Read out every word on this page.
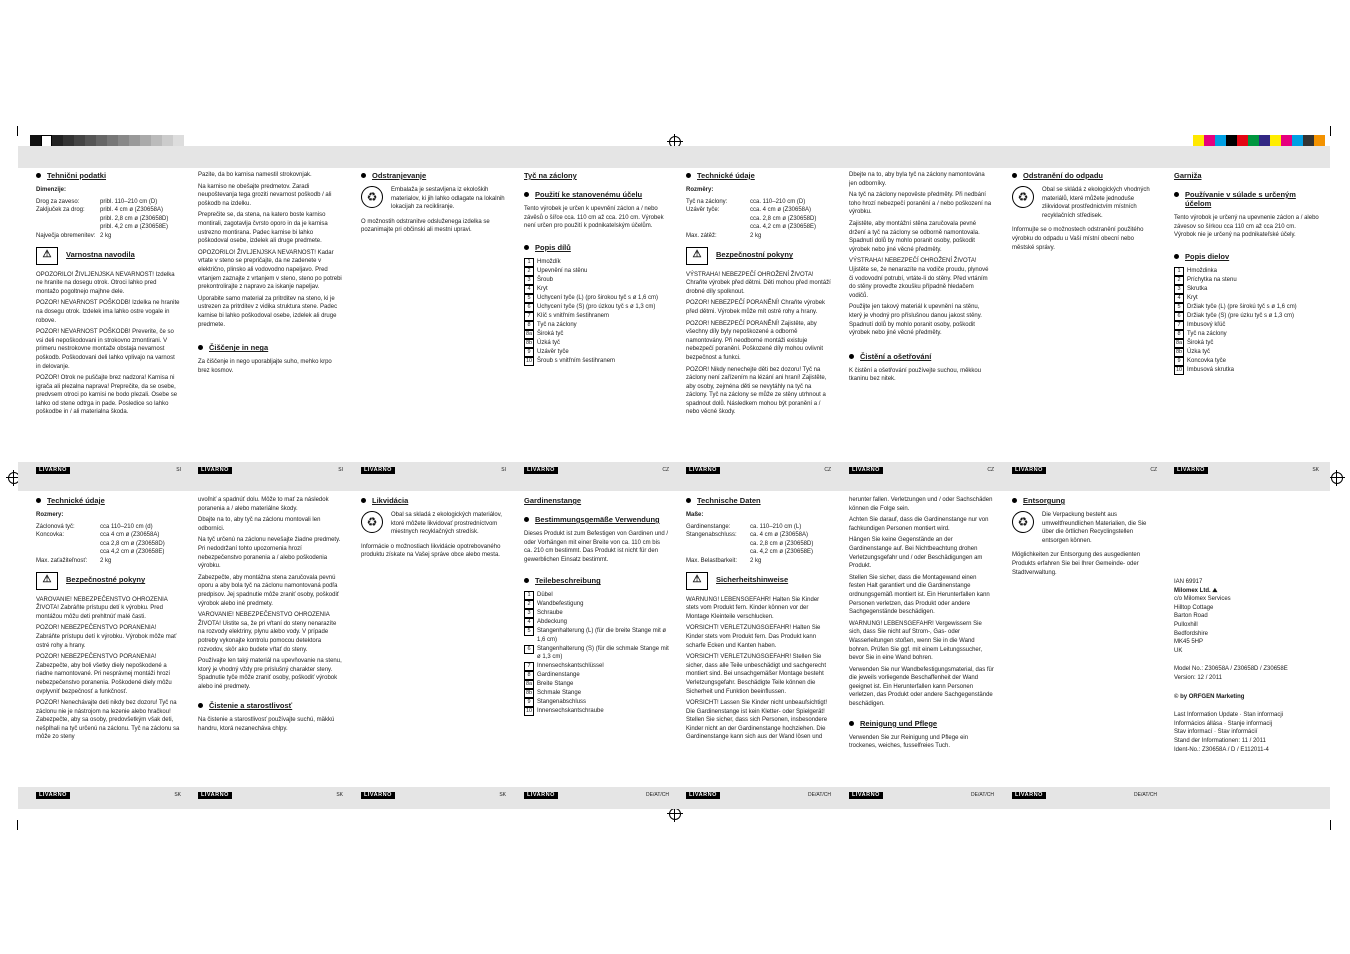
Tehnični podatki

Dimenzije:

Drog za zaveso:	pribl. 110–210 cm (D)
Zaključek za drog:	pribl. 4 cm ø (Z30658A)
pribl. 2,8 cm ø (Z30658D)
pribl. 4,2 cm ø (Z30658E)
Največja obremenitev: 2 kg
⚠	Varnostna navodila

OPOZORILO! ŽIVLJENJSKA NEVARNOST! Izdelka ne hranite na dosegu otrok. Otroci lahko pred montažo pogoltnejo majhne dele.

POZOR! NEVARNOST POŠKODB! Izdelka ne hranite na dosegu otrok. Izdelek ima lahko ostre vogale in robove.

POZOR! NEVARNOST POŠKODB! Preverite, če so vsi deli nepoškodovani in strokovno zmontirani. V primeru nestrokovne montaže obstaja nevarnost poškodb. Poškodovani deli lahko vplivajo na varnost in delovanje.

POZOR! Otrok ne puščajte brez nadzora! Karnisa ni igrača ali plezalna naprava! Preprečite, da se osebe, predvsem otroci po karnisi ne bodo plezali. Osebe se lahko od stene odtrga in pade. Posledice so lahko poškodbe in / ali materialna škoda.

Pazite, da bo karnisa namestil strokovnjak.

Na karniso ne obešajte predmetov. Zaradi neupoštevanja tega groziti nevarnost poškodb / ali poškodb na izdelku.

Preprečite se, da stena, na katero boste karniso montirali, zagotavlja čvrsto oporo in da je karnisa ustrezno montirana. Padec karnise bi lahko poškodoval osebe, izdelek ali druge predmete.

OPOZORILO! ŽIVLJENJSKA NEVARNOST! Kadar vrtate v steno se prepričajte, da ne zadenete v električno, plinsko ali vodovodno napeljavo. Pred vrtanjem zaznajte z vrtanjem v steno, steno po potrebi prekontrolirajte z napravo za iskanje napeljav.

Uporabite samo material za pritrditev na steno, ki je ustrezen za pritrditev z vidika struktura stene. Padec karnise bi lahko poškodoval osebe, izdelek ali druge predmete.

Čiščenje in nega

Za čiščenje in nego uporabljajte suho, mehko krpo brez kosmov.

Odstranjevanje
♻	Embalaža je sestavljena iz ekoloških materialov, ki jih lahko odlagate na lokalnih lokacijah za recikliranje.

O možnostih odstranitve odsluženega izdelka se pozanimajte pri občinski ali mestni upravi.

Tyč na záclony
Použití ke stanovenému účelu

Tento výrobek je určen k upevnění záclon a / nebo závěsů o šířce cca. 110 cm až cca. 210 cm. Výrobek není určen pro použití k podnikatelským účelům.

Popis dílů
1	Hmoždík
2	Upevnění na stěnu
3	Šroub
4	Kryt
5	Uchycení tyče (L) (pro širokou tyč s ø 1,6 cm)
6	Uchycení tyče (S) (pro úzkou tyč s ø 1,3 cm)
7	Klíč s vnitřním šestihranem
8	Tyč na záclony
8a Široká tyč
8b Úzká tyč
9	Uzávěr tyče
10 Šroub s vnitřním šestihranem
Technické údaje

Rozměry:

Tyč na záclony:	cca. 110–210 cm (D)
Uzávěr tyče:	cca. 4 cm ø (Z30658A)
cca. 2,8 cm ø (Z30658D)
cca. 4,2 cm ø (Z30658E)
Max. zátěž:	2 kg
⚠	Bezpečnostní pokyny

VÝSTRAHA! NEBEZPEČÍ OHROŽENÍ ŽIVOTA! Chraňte výrobek před dětmi. Děti mohou před montáží drobné díly spolknout.

POZOR! NEBEZPEČÍ PORANĚNÍ! Chraňte výrobek před dětmi. Výrobek může mít ostré rohy a hrany.

POZOR! NEBEZPEČÍ PORANĚNÍ! Zajistěte, aby všechny díly byly nepoškozené a odborně namontovány. Při neodborné montáži existuje nebezpečí poranění. Poškozené díly mohou ovlivnit bezpečnost a funkci.

POZOR! Nikdy nenechejte děti bez dozoru! Tyč na záclony není zařízením na lézání ani hraní! Zajistěte, aby osoby, zejména děti se nevytáhly na tyč na záclony. Tyč na záclony se může ze stěny utrhnout a spadnout dolů. Následkem mohou být poranění a / nebo věcné škody.

Dbejte na to, aby byla tyč na záclony namontována jen odborníky.

Na tyč na záclony nepověste předměty. Při nedbání toho hrozí nebezpečí poranění a / nebo poškození na výrobku.

Zajistěte, aby montážní stěna zaručovala pevné držení a tyč na záclony se odborně namontovala. Spadnutí dolů by mohlo poranit osoby, poškodit výrobek nebo jiné věcné předměty.

VÝSTRAHA! NEBEZPEČÍ OHROŽENÍ ŽIVOTA! Ujistěte se, že nenarazíte na vodiče proudu, plynové či vodovodní potrubí, vrtáte-li do stěny. Před vrtáním do stěny proveďte zkoušku případně hledačem vodičů.

Použijte jen takový materiál k upevnění na stěnu, který je vhodný pro příslušnou danou jakost stěny. Spadnutí dolů by mohlo poranit osoby, poškodit výrobek nebo jiné věcné předměty.

Čistění a ošetřování

K čistění a ošetřování používejte suchou, měkkou tkaninu bez nitek.

Odstranění do odpadu
♻	Obal se skládá z ekologických vhodných materiálů, které můžete jednoduše zlikvidovat prostřednictvím místních recyklačních středisek.

Informujte se o možnostech odstranění použitého výrobku do odpadu u Vaší místní obecní nebo městské správy.

Garniža
Používanie v súlade s určeným účelom

Tento výrobok je určený na upevnenie záclon a / alebo závesov so šírkou cca 110 cm až cca 210 cm. Výrobok nie je určený na podnikateľské účely.

Popis dielov
1	Hmoždinka
2	Príchytka na stenu
3	Skrutka
4	Kryt
5	Držiak tyče (L) (pre širokú tyč s ø 1,6 cm)
6	Držiak tyče (S) (pre úzku tyč s ø 1,3 cm)
7	Imbusový kľúč
8	Tyč na záclony
8a Široká tyč
8b Úzka tyč
9	Koncovka tyče
10 Imbusová skrutka
LIVARNO	SI	LIVARNO	SI	LIVARNO	SI	LIVARNO	CZ	LIVARNO	CZ	LIVARNO	CZ	LIVARNO	CZ	LIVARNO	SK
Technické údaje

Rozmery:

Záclonová tyč:	cca 110–210 cm (d)
Koncovka:	cca 4 cm ø (Z30658A)
cca 2,8 cm ø (Z30658D)
cca 4,2 cm ø (Z30658E)
Max. zaťažiteľnosť:	2 kg
⚠	Bezpečnostné pokyny

VAROVANIE! NEBEZPEČENSTVO OHROZENIA ŽIVOTA! Zabráňte prístupu detí k výrobku. Pred montážou môžu deti prehltnúť malé časti.

POZOR! NEBEZPEČENSTVO PORANENIA! Zabráňte prístupu detí k výrobku. Výrobok môže mať ostré rohy a hrany.

POZOR! NEBEZPEČENSTVO PORANENIA! Zabezpečte, aby boli všetky diely nepoškodené a riadne namontované. Pri nesprávnej montáži hrozí nebezpečenstvo poranenia. Poškodené diely môžu ovplyvniť bezpečnosť a funkčnosť.

POZOR! Nenechávajte deti nikdy bez dozoru! Tyč na záclonu nie je nástrojom na lezenie alebo hračkou! Zabezpečte, aby sa osoby, predovšetkým však deti, nešplhali na tyč určenú na záclonu. Tyč na záclonu sa môže zo steny

uvoľniť a spadnúť dolu. Môže to mať za následok poranenia a / alebo materiálne škody.

Dbajte na to, aby tyč na záclonu montovali len odborníci.

Na tyč určenú na záclonu nevešajte žiadne predmety. Pri nedodržaní tohto upozornenia hrozí nebezpečenstvo poranenia a / alebo poškodenia výrobku.

Zabezpečte, aby montážna stena zaručovala pevnú oporu a aby bola tyč na záclonu namontovaná podľa predpisov. Jej spadnutie môže zraniť osoby, poškodiť výrobok alebo iné predmety.

VAROVANIE! NEBEZPEČENSTVO OHROZENIA ŽIVOTA! Uistite sa, že pri vŕtaní do steny nenarazíte na rozvody elektriny, plynu alebo vody. V prípade potreby vykonajte kontrolu pomocou detektora rozvodov, skôr ako budete vŕtať do steny.

Používajte len taký materiál na upevňovanie na stenu, ktorý je vhodný vždy pre príslušný charakter steny. Spadnutie tyče môže zraniť osoby, poškodiť výrobok alebo iné predmety.

Čistenie a starostlivosť

Na čistenie a starostlivosť používajte suchú, mäkkú handru, ktorá nezanecháva chlpy.

Likvidácia
♻	Obal sa skladá z ekologických materiálov, ktoré môžete likvidovať prostredníctvom miestnych recyklačných stredísk.

Informácie o možnostiach likvidácie opotrebovaného produktu získate na Vašej správe obce alebo mesta.

Gardinenstange
Bestimmungsgemäße Verwendung

Dieses Produkt ist zum Befestigen von Gardinen und / oder Vorhängen mit einer Breite von ca. 110 cm bis ca. 210 cm bestimmt. Das Produkt ist nicht für den gewerblichen Einsatz bestimmt.

Teilebeschreibung
1	Dübel
2	Wandbefestigung
3	Schraube
4	Abdeckung
5	Stangenhalterung (L) (für die breite Stange mit ø 1,6 cm)
6	Stangenhalterung (S) (für die schmale Stange mit ø 1,3 cm)
7	Innensechskantschlüssel
8	Gardinenstange
8a Breite Stange
8b Schmale Stange
9	Stangenabschluss
10 Innensechskantschraube
Technische Daten

Maße:

Gardinenstange:	ca. 110–210 cm (L)
Stangenabschluss:	ca. 4 cm ø (Z30658A)
ca. 2,8 cm ø (Z30658D)
ca. 4,2 cm ø (Z30658E)
Max. Belastbarkeit:	2 kg
⚠	Sicherheitshinweise

WARNUNG! LEBENSGEFAHR! Halten Sie Kinder stets vom Produkt fern. Kinder können vor der Montage Kleinteile verschlucken.

VORSICHT! VERLETZUNGSGEFAHR! Halten Sie Kinder stets vom Produkt fern. Das Produkt kann scharfe Ecken und Kanten haben.

VORSICHT! VERLETZUNGSGEFAHR! Stellen Sie sicher, dass alle Teile unbeschädigt und sachgerecht montiert sind. Bei unsachgemäßer Montage besteht Verletzungsgefahr. Beschädigte Teile können die Sicherheit und Funktion beeinflussen.

VORSICHT! Lassen Sie Kinder nicht unbeaufsichtigt! Die Gardinenstange ist kein Kletter- oder Spielgerät! Stellen Sie sicher, dass sich Personen, insbesondere Kinder nicht an der Gardinenstange hochziehen. Die Gardinenstange kann sich aus der Wand lösen und

herunter fallen. Verletzungen und / oder Sachschäden können die Folge sein.

Achten Sie darauf, dass die Gardinenstange nur von fachkundigen Personen montiert wird.

Hängen Sie keine Gegenstände an der Gardinenstange auf. Bei Nichtbeachtung drohen Verletzungsgefahr und / oder Beschädigungen am Produkt.

Stellen Sie sicher, dass die Montagewand einen festen Halt garantiert und die Gardinenstange ordnungsgemäß montiert ist. Ein Herunterfallen kann Personen verletzen, das Produkt oder andere Sachgegenstände beschädigen.

WARNUNG! LEBENSGEFAHR! Vergewissern Sie sich, dass Sie nicht auf Strom-, Gas- oder Wasserleitungen stoßen, wenn Sie in die Wand bohren. Prüfen Sie ggf. mit einem Leitungssucher, bevor Sie in eine Wand bohren.

Verwenden Sie nur Wandbefestigungsmaterial, das für die jeweils vorliegende Beschaffenheit der Wand geeignet ist. Ein Herunterfallen kann Personen verletzen, das Produkt oder andere Sachgegenstände beschädigen.

Reinigung und Pflege

Verwenden Sie zur Reinigung und Pflege ein trockenes, weiches, fusselfreies Tuch.

Entsorgung
♻	Die Verpackung besteht aus umweltfreundlichen Materialien, die Sie über die örtlichen Recyclingstellen entsorgen können.

Möglichkeiten zur Entsorgung des ausgedienten Produkts erfahren Sie bei Ihrer Gemeinde- oder Stadtverwaltung.

IAN 69917

Milomex Ltd. ⛰

c/o Milomex Services
Hilltop Cottage
Barton Road
Pulloxhill
Bedfordshire
MK45 5HP
UK

Model No.: Z30658A / Z30658D / Z30658E

Version: 12 / 2011

© by ORFGEN Marketing

Last Information Update · Stan informacji
Informácios állása · Stanje informacij
Stav informací · Stav informácií
Stand der Informationen: 11 / 2011
Ident-No.: Z30658A / D / E112011-4
LIVARNO	SK	LIVARNO	SK	LIVARNO	SK	LIVARNO	DE/AT/CH	LIVARNO	DE/AT/CH	LIVARNO	DE/AT/CH	LIVARNO	DE/AT/CH
